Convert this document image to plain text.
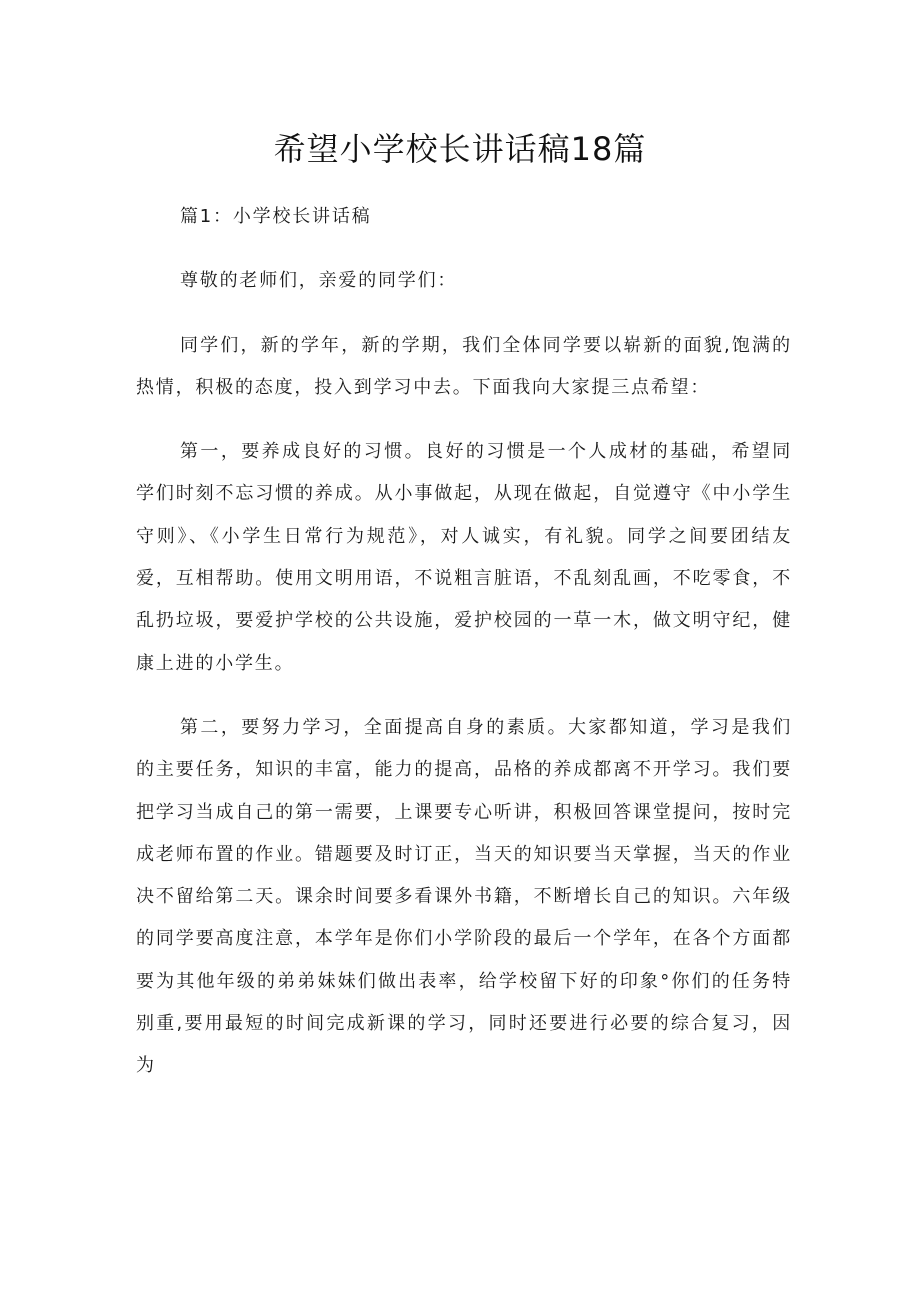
希望小学校长讲话稿18篇

篇1：小学校长讲话稿

尊敬的老师们，亲爱的同学们：

同学们，新的学年，新的学期，我们全体同学要以崭新的面貌,饱满的热情，积极的态度，投入到学习中去。下面我向大家提三点希望：

第一，要养成良好的习惯。良好的习惯是一个人成材的基础，希望同学们时刻不忘习惯的养成。从小事做起，从现在做起，自觉遵守《中小学生守则》、《小学生日常行为规范》，对人诚实，有礼貌。同学之间要团结友爱，互相帮助。使用文明用语，不说粗言脏语，不乱刻乱画，不吃零食，不乱扔垃圾，要爱护学校的公共设施，爱护校园的一草一木，做文明守纪，健康上进的小学生。

第二，要努力学习，全面提高自身的素质。大家都知道，学习是我们的主要任务，知识的丰富，能力的提高，品格的养成都离不开学习。我们要把学习当成自己的第一需要，上课要专心听讲，积极回答课堂提问，按时完成老师布置的作业。错题要及时订正，当天的知识要当天掌握，当天的作业决不留给第二天。课余时间要多看课外书籍，不断增长自己的知识。六年级的同学要高度注意，本学年是你们小学阶段的最后一个学年，在各个方面都要为其他年级的弟弟妹妹们做出表率，给学校留下好的印象°你们的任务特别重,要用最短的时间完成新课的学习，同时还要进行必要的综合复习，因为
